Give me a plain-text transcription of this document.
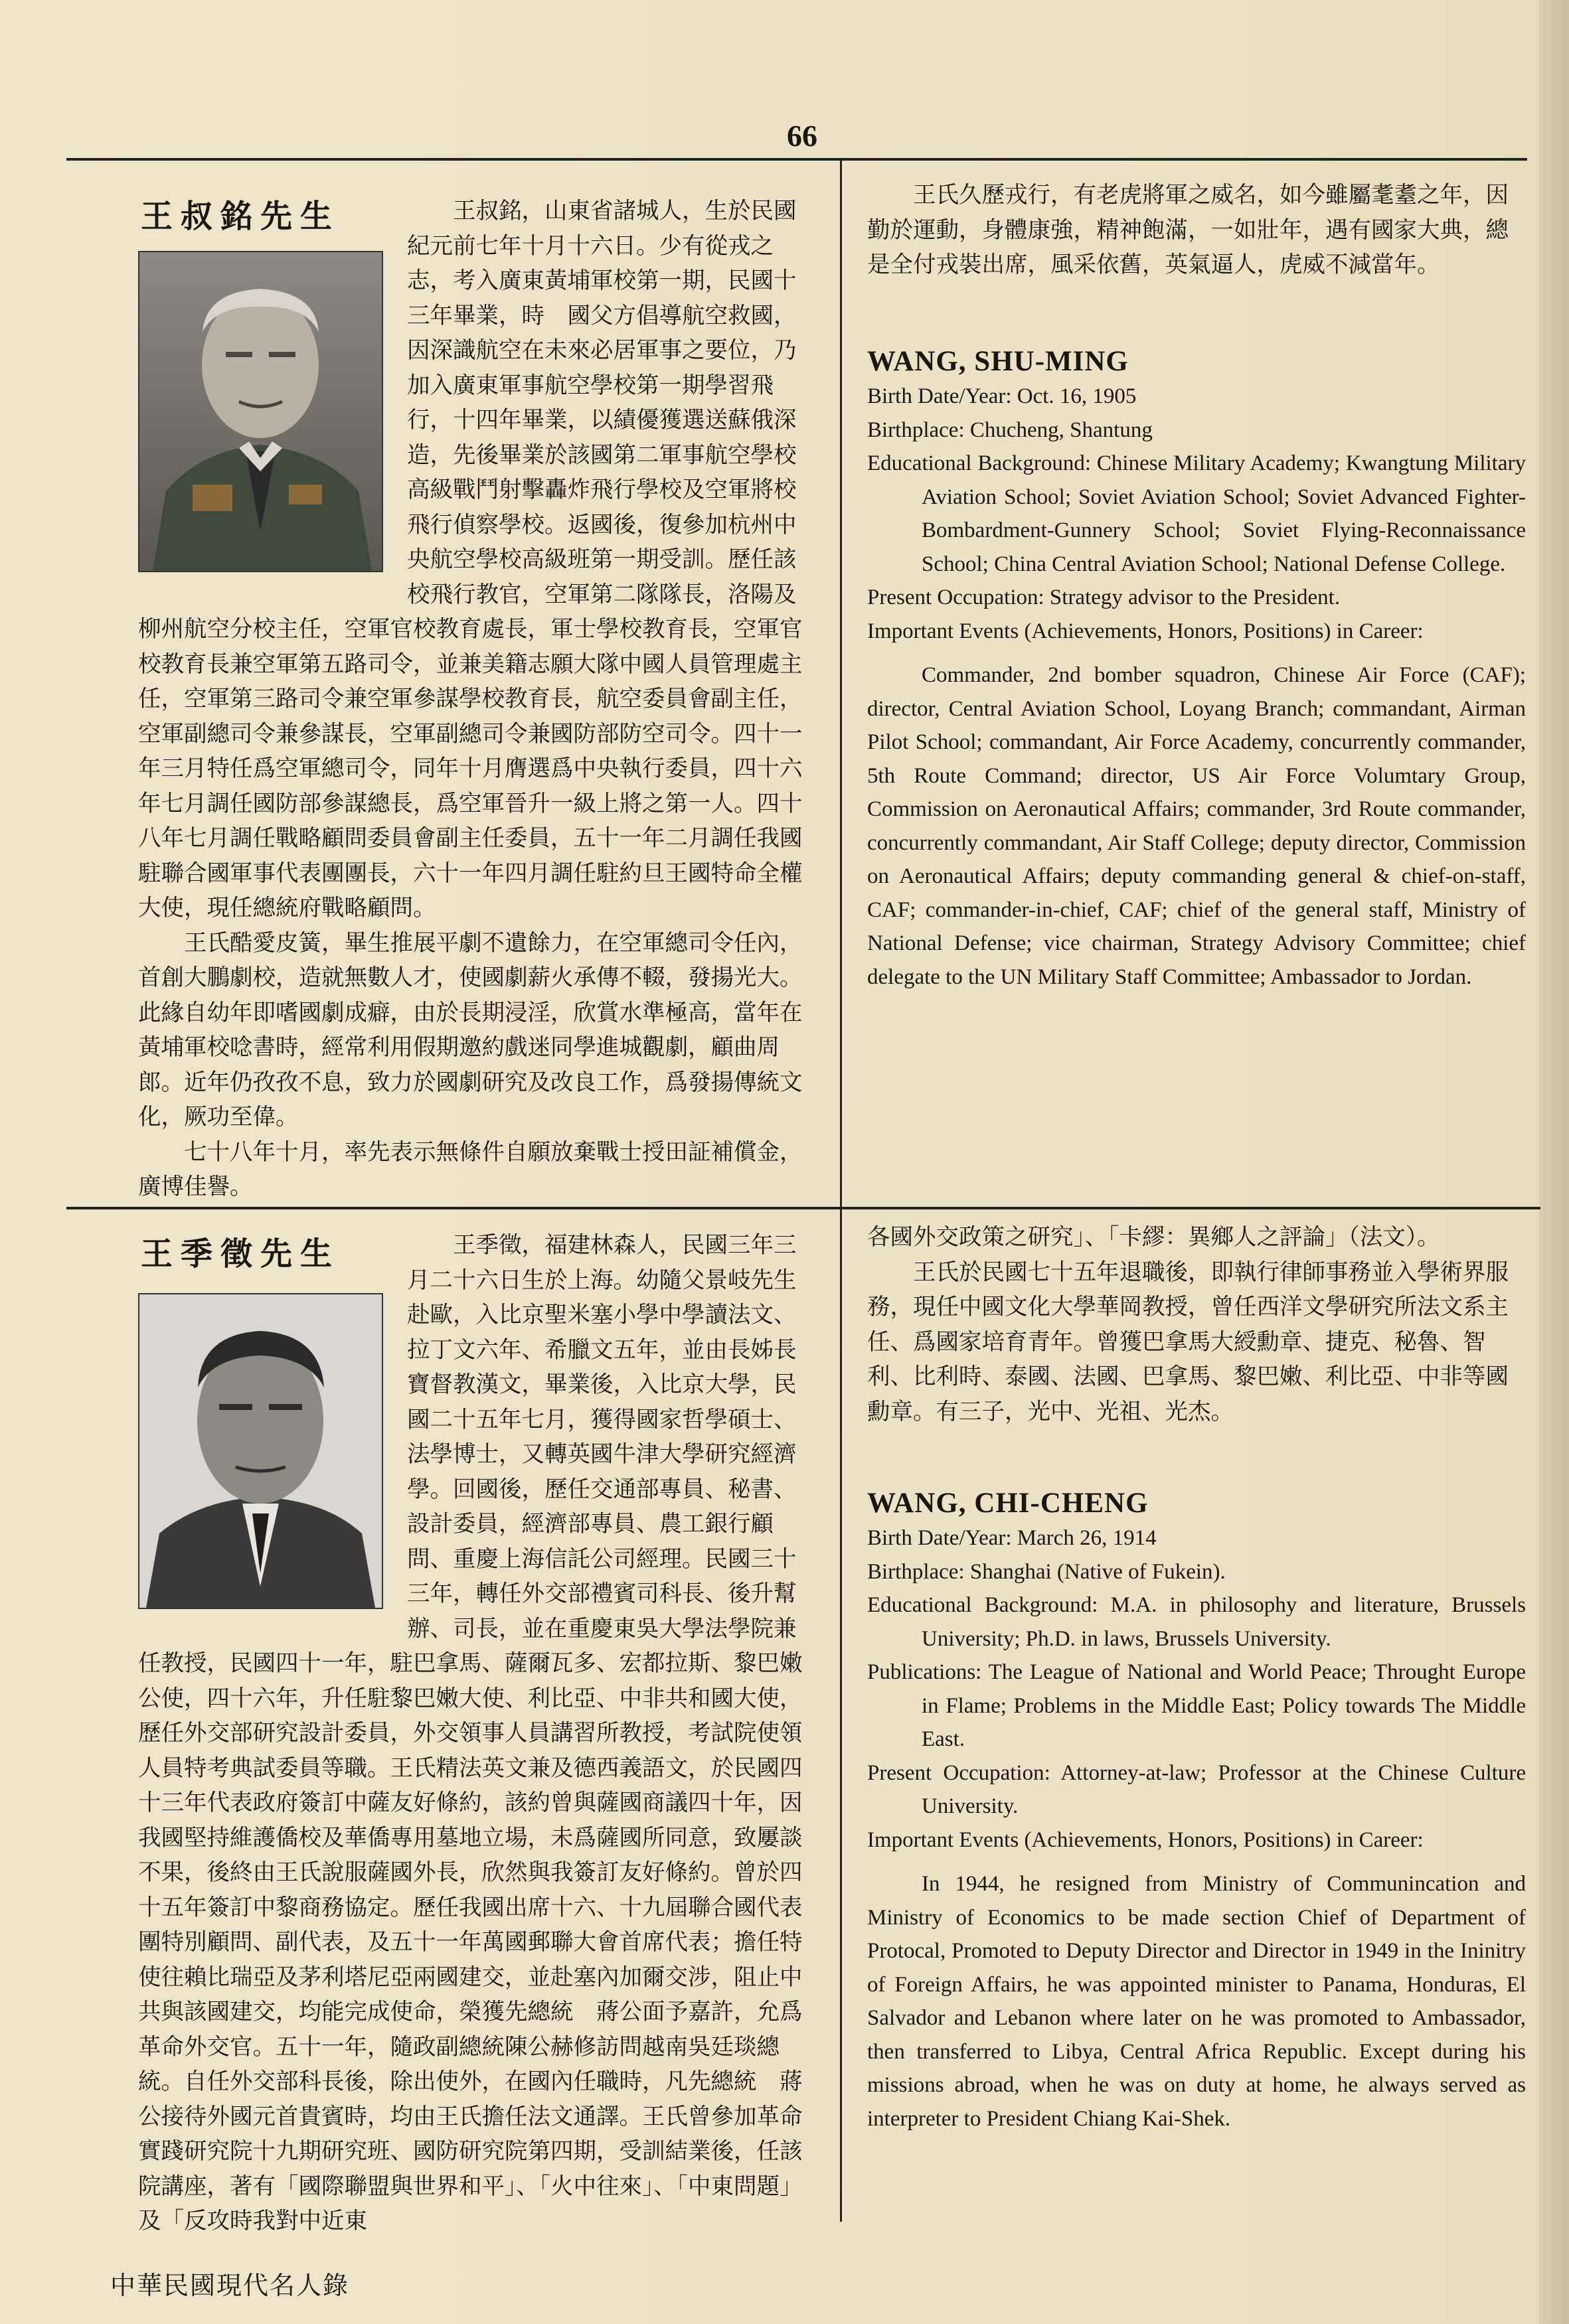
66
王叔銘先生	王叔銘，山東省諸城人，生於民國紀元前七年十月十六日。少有從戎之志，考入廣東黃埔軍校第一期，民國十三年畢業，時　國父方倡導航空救國，因深識航空在未來必居軍事之要位，乃加入廣東軍事航空學校第一期學習飛行，十四年畢業，以績優獲選送蘇俄深造，先後畢業於該國第二軍事航空學校高級戰鬥射擊轟炸飛行學校及空軍將校飛行偵察學校。返國後，復參加杭州中央航空學校高級班第一期受訓。歷任該校飛行教官，空軍第二隊隊長，洛陽及柳州航空分校主任，空軍官校教育處長，軍士學校教育長，空軍官校教育長兼空軍第五路司令，並兼美籍志願大隊中國人員管理處主任，空軍第三路司令兼空軍參謀學校教育長，航空委員會副主任，空軍副總司令兼參謀長，空軍副總司令兼國防部防空司令。四十一年三月特任爲空軍總司令，同年十月膺選爲中央執行委員，四十六年七月調任國防部參謀總長，爲空軍晉升一級上將之第一人。四十八年七月調任戰略顧問委員會副主任委員，五十一年二月調任我國駐聯合國軍事代表團團長，六十一年四月調任駐約旦王國特命全權大使，現任總統府戰略顧問。

王氏酷愛皮簧，畢生推展平劇不遺餘力，在空軍總司令任內，首創大鵬劇校，造就無數人才，使國劇薪火承傳不輟，發揚光大。此緣自幼年即嗜國劇成癖，由於長期浸淫，欣賞水準極高，當年在黃埔軍校唸書時，經常利用假期邀約戲迷同學進城觀劇，顧曲周郎。近年仍孜孜不息，致力於國劇研究及改良工作，爲發揚傳統文化，厥功至偉。

七十八年十月，率先表示無條件自願放棄戰士授田証補償金，廣博佳譽。

王氏久歷戎行，有老虎將軍之威名，如今雖屬耄耋之年，因勤於運動，身體康強，精神飽滿，一如壯年，遇有國家大典，總是全付戎裝出席，風采依舊，英氣逼人，虎威不減當年。

WANG, SHU-MING

Birth Date/Year: Oct. 16, 1905

Birthplace: Chucheng, Shantung

Educational Background: Chinese Military Academy; Kwangtung Military Aviation School; Soviet Aviation School; Soviet Advanced Fighter-Bombardment-Gunnery School; Soviet Flying-Reconnaissance School; China Central Aviation School; National Defense College.

Present Occupation: Strategy advisor to the President.

Important Events (Achievements, Honors, Positions) in Career:

Commander, 2nd bomber squadron, Chinese Air Force (CAF); director, Central Aviation School, Loyang Branch; commandant, Airman Pilot School; commandant, Air Force Academy, concurrently commander, 5th Route Command; director, US Air Force Volumtary Group, Commission on Aeronautical Affairs; commander, 3rd Route commander, concurrently commandant, Air Staff College; deputy director, Commission on Aeronautical Affairs; deputy commanding general & chief-on-staff, CAF; commander-in-chief, CAF; chief of the general staff, Ministry of National Defense; vice chairman, Strategy Advisory Committee; chief delegate to the UN Military Staff Committee; Ambassador to Jordan.

王季徵先生	王季徵，福建林森人，民國三年三月二十六日生於上海。幼隨父景岐先生赴歐，入比京聖米塞小學中學讀法文、拉丁文六年、希臘文五年，並由長姊長寶督教漢文，畢業後，入比京大學，民國二十五年七月，獲得國家哲學碩士、法學博士，又轉英國牛津大學研究經濟學。回國後，歷任交通部專員、秘書、設計委員，經濟部專員、農工銀行顧問、重慶上海信託公司經理。民國三十三年，轉任外交部禮賓司科長、後升幫辦、司長，並在重慶東吳大學法學院兼任教授，民國四十一年，駐巴拿馬、薩爾瓦多、宏都拉斯、黎巴嫩公使，四十六年，升任駐黎巴嫩大使、利比亞、中非共和國大使，歷任外交部研究設計委員，外交領事人員講習所教授，考試院使領人員特考典試委員等職。王氏精法英文兼及德西義語文，於民國四十三年代表政府簽訂中薩友好條約，該約曾與薩國商議四十年，因我國堅持維護僑校及華僑專用墓地立場，未爲薩國所同意，致屢談不果，後終由王氏說服薩國外長，欣然與我簽訂友好條約。曾於四十五年簽訂中黎商務協定。歷任我國出席十六、十九屆聯合國代表團特別顧問、副代表，及五十一年萬國郵聯大會首席代表；擔任特使往賴比瑞亞及茅利塔尼亞兩國建交，並赴塞內加爾交涉，阻止中共與該國建交，均能完成使命，榮獲先總統　蔣公面予嘉許，允爲革命外交官。五十一年，隨政副總統陳公赫修訪問越南吳廷琰總統。自任外交部科長後，除出使外，在國內任職時，凡先總統　蔣公接待外國元首貴賓時，均由王氏擔任法文通譯。王氏曾參加革命實踐研究院十九期研究班、國防研究院第四期，受訓結業後，任該院講座，著有「國際聯盟與世界和平」、「火中往來」、「中東問題」及「反攻時我對中近東

各國外交政策之研究」、「卡繆：異鄉人之評論」（法文）。

王氏於民國七十五年退職後，即執行律師事務並入學術界服務，現任中國文化大學華岡教授，曾任西洋文學研究所法文系主任、爲國家培育青年。曾獲巴拿馬大綬勳章、捷克、秘魯、智利、比利時、泰國、法國、巴拿馬、黎巴嫩、利比亞、中非等國勳章。有三子，光中、光祖、光杰。

WANG, CHI-CHENG

Birth Date/Year: March 26, 1914

Birthplace: Shanghai (Native of Fukein).

Educational Background: M.A. in philosophy and literature, Brussels University; Ph.D. in laws, Brussels University.

Publications: The League of National and World Peace; Throught Europe in Flame; Problems in the Middle East; Policy towards The Middle East.

Present Occupation: Attorney-at-law; Professor at the Chinese Culture University.

Important Events (Achievements, Honors, Positions) in Career:

In 1944, he resigned from Ministry of Communincation and Ministry of Economics to be made section Chief of Department of Protocal, Promoted to Deputy Director and Director in 1949 in the Ininitry of Foreign Affairs, he was appointed minister to Panama, Honduras, El Salvador and Lebanon where later on he was promoted to Ambassador, then transferred to Libya, Central Africa Republic. Except during his missions abroad, when he was on duty at home, he always served as interpreter to President Chiang Kai-Shek.

中華民國現代名人錄
